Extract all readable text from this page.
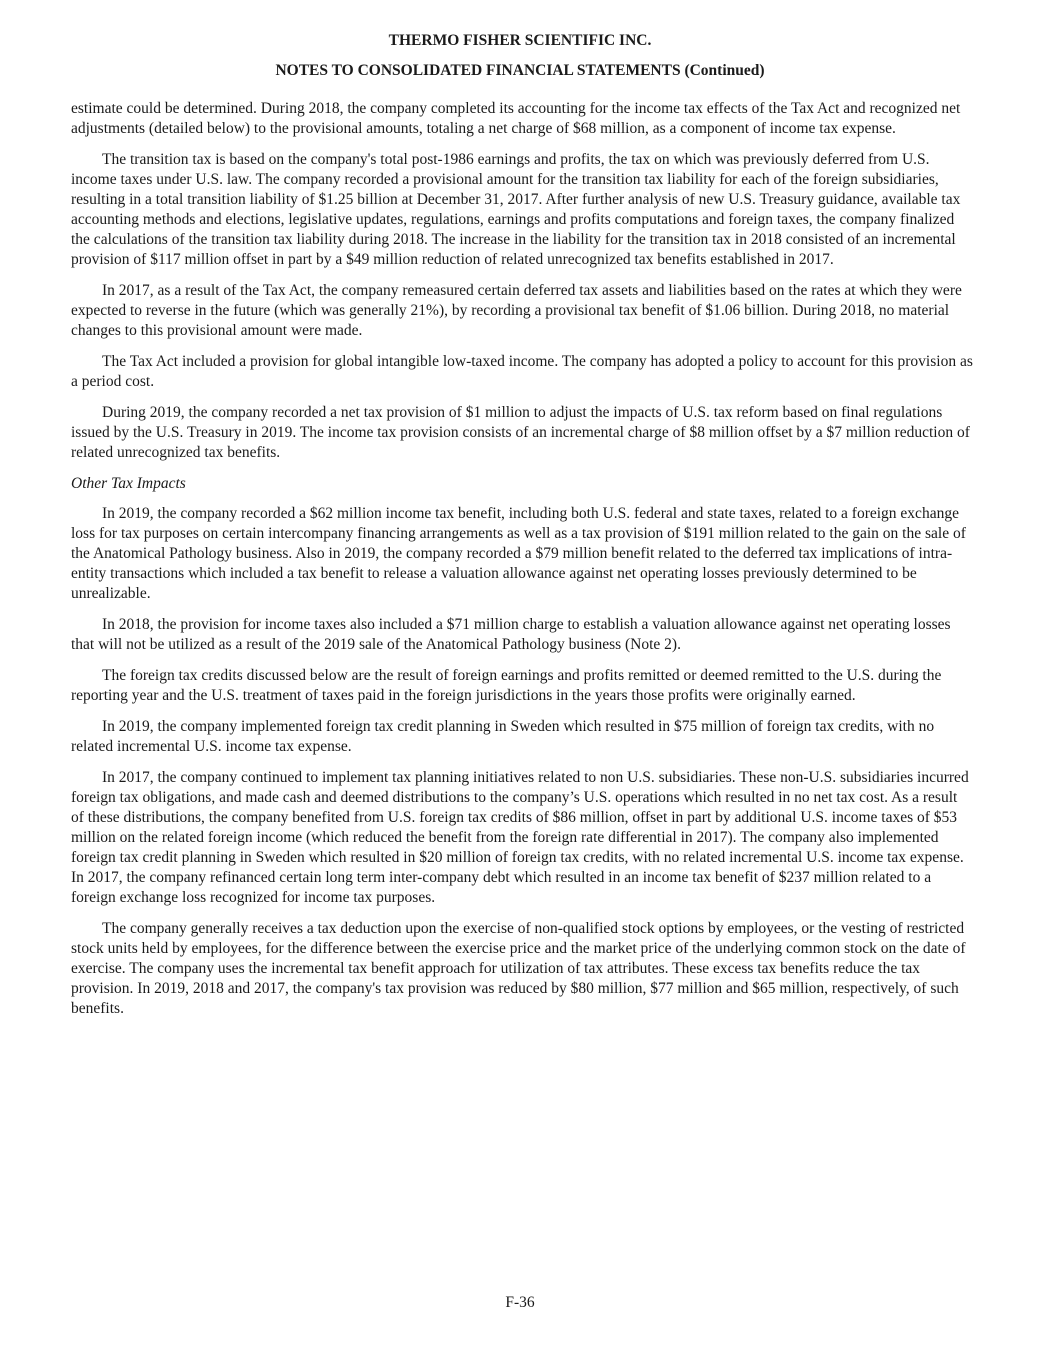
THERMO FISHER SCIENTIFIC INC.
NOTES TO CONSOLIDATED FINANCIAL STATEMENTS (Continued)

estimate could be determined. During 2018, the company completed its accounting for the income tax effects of the Tax Act and recognized net adjustments (detailed below) to the provisional amounts, totaling a net charge of $68 million, as a component of income tax expense.

The transition tax is based on the company's total post-1986 earnings and profits, the tax on which was previously deferred from U.S. income taxes under U.S. law. The company recorded a provisional amount for the transition tax liability for each of the foreign subsidiaries, resulting in a total transition liability of $1.25 billion at December 31, 2017. After further analysis of new U.S. Treasury guidance, available tax accounting methods and elections, legislative updates, regulations, earnings and profits computations and foreign taxes, the company finalized the calculations of the transition tax liability during 2018. The increase in the liability for the transition tax in 2018 consisted of an incremental provision of $117 million offset in part by a $49 million reduction of related unrecognized tax benefits established in 2017.

In 2017, as a result of the Tax Act, the company remeasured certain deferred tax assets and liabilities based on the rates at which they were expected to reverse in the future (which was generally 21%), by recording a provisional tax benefit of $1.06 billion. During 2018, no material changes to this provisional amount were made.

The Tax Act included a provision for global intangible low-taxed income. The company has adopted a policy to account for this provision as a period cost.

During 2019, the company recorded a net tax provision of $1 million to adjust the impacts of U.S. tax reform based on final regulations issued by the U.S. Treasury in 2019. The income tax provision consists of an incremental charge of $8 million offset by a $7 million reduction of related unrecognized tax benefits.

Other Tax Impacts

In 2019, the company recorded a $62 million income tax benefit, including both U.S. federal and state taxes, related to a foreign exchange loss for tax purposes on certain intercompany financing arrangements as well as a tax provision of $191 million related to the gain on the sale of the Anatomical Pathology business. Also in 2019, the company recorded a $79 million benefit related to the deferred tax implications of intra-entity transactions which included a tax benefit to release a valuation allowance against net operating losses previously determined to be unrealizable.

In 2018, the provision for income taxes also included a $71 million charge to establish a valuation allowance against net operating losses that will not be utilized as a result of the 2019 sale of the Anatomical Pathology business (Note 2).

The foreign tax credits discussed below are the result of foreign earnings and profits remitted or deemed remitted to the U.S. during the reporting year and the U.S. treatment of taxes paid in the foreign jurisdictions in the years those profits were originally earned.

In 2019, the company implemented foreign tax credit planning in Sweden which resulted in $75 million of foreign tax credits, with no related incremental U.S. income tax expense.

In 2017, the company continued to implement tax planning initiatives related to non U.S. subsidiaries. These non-U.S. subsidiaries incurred foreign tax obligations, and made cash and deemed distributions to the company’s U.S. operations which resulted in no net tax cost. As a result of these distributions, the company benefited from U.S. foreign tax credits of $86 million, offset in part by additional U.S. income taxes of $53 million on the related foreign income (which reduced the benefit from the foreign rate differential in 2017). The company also implemented foreign tax credit planning in Sweden which resulted in $20 million of foreign tax credits, with no related incremental U.S. income tax expense. In 2017, the company refinanced certain long term inter-company debt which resulted in an income tax benefit of $237 million related to a foreign exchange loss recognized for income tax purposes.

The company generally receives a tax deduction upon the exercise of non-qualified stock options by employees, or the vesting of restricted stock units held by employees, for the difference between the exercise price and the market price of the underlying common stock on the date of exercise. The company uses the incremental tax benefit approach for utilization of tax attributes. These excess tax benefits reduce the tax provision. In 2019, 2018 and 2017, the company's tax provision was reduced by $80 million, $77 million and $65 million, respectively, of such benefits.

F-36
